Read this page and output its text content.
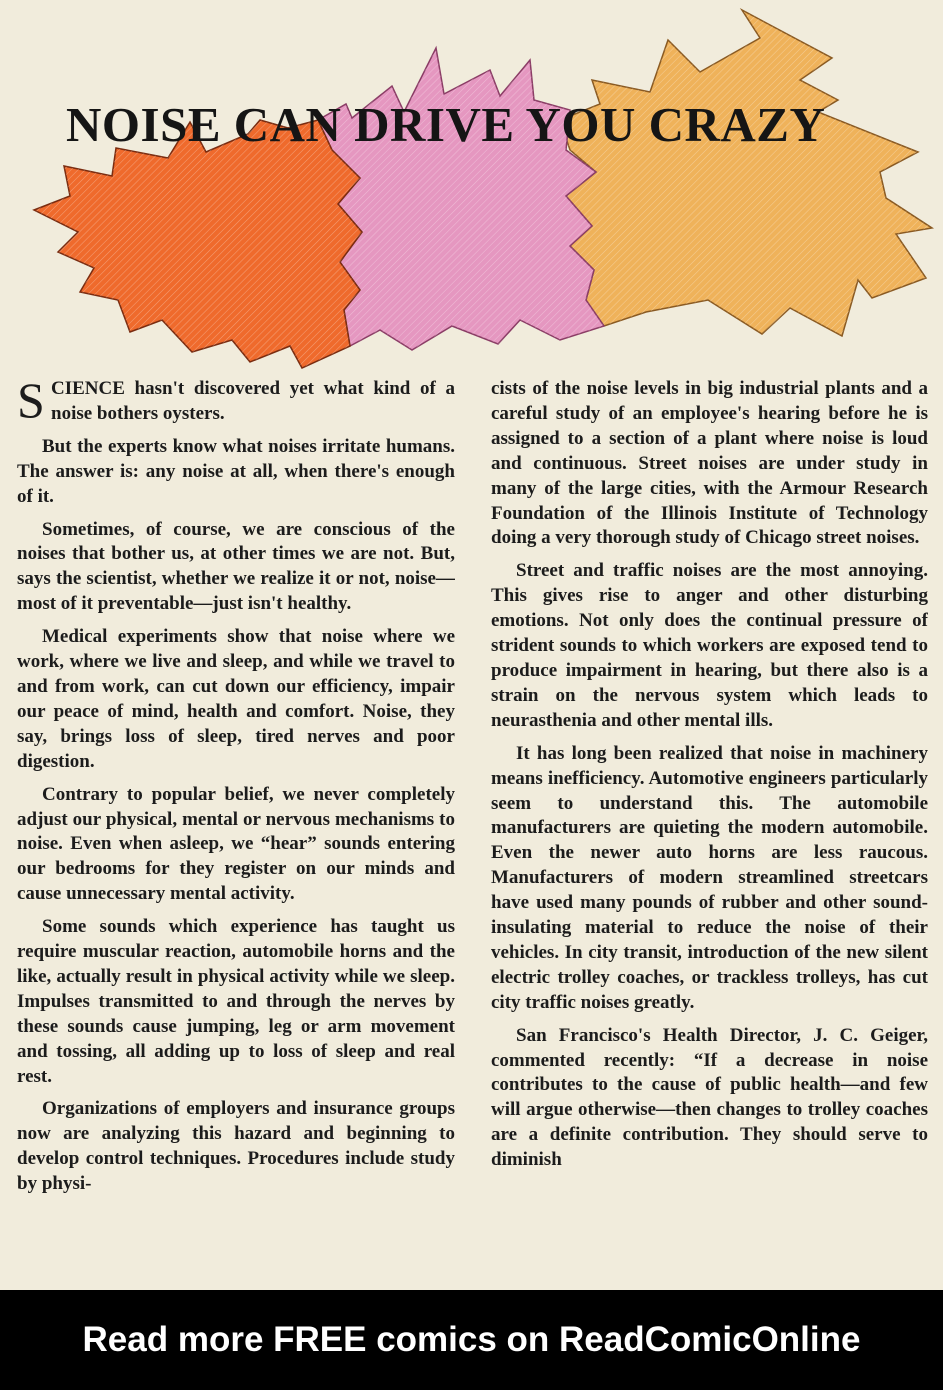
NOISE CAN DRIVE YOU CRAZY

S CIENCE hasn't discovered yet what kind of a noise bothers oysters.

But the experts know what noises irritate humans. The answer is: any noise at all, when there's enough of it.

Sometimes, of course, we are conscious of the noises that bother us, at other times we are not. But, says the scientist, whether we realize it or not, noise—most of it preventable—just isn't healthy.

Medical experiments show that noise where we work, where we live and sleep, and while we travel to and from work, can cut down our efficiency, impair our peace of mind, health and comfort. Noise, they say, brings loss of sleep, tired nerves and poor digestion.

Contrary to popular belief, we never completely adjust our physical, mental or nervous mechanisms to noise. Even when asleep, we “hear” sounds entering our bedrooms for they register on our minds and cause unnecessary mental activity.

Some sounds which experience has taught us require muscular reaction, automobile horns and the like, actually result in physical activity while we sleep. Impulses transmitted to and through the nerves by these sounds cause jumping, leg or arm movement and tossing, all adding up to loss of sleep and real rest.

Organizations of employers and insurance groups now are analyzing this hazard and beginning to develop control techniques. Procedures include study by physi-

cists of the noise levels in big industrial plants and a careful study of an employee's hearing before he is assigned to a section of a plant where noise is loud and continuous. Street noises are under study in many of the large cities, with the Armour Research Foundation of the Illinois Institute of Technology doing a very thorough study of Chicago street noises.

Street and traffic noises are the most annoying. This gives rise to anger and other disturbing emotions. Not only does the continual pressure of strident sounds to which workers are exposed tend to produce impairment in hearing, but there also is a strain on the nervous system which leads to neurasthenia and other mental ills.

It has long been realized that noise in machinery means inefficiency. Automotive engineers particularly seem to understand this. The automobile manufacturers are quieting the modern automobile. Even the newer auto horns are less raucous. Manufacturers of modern streamlined streetcars have used many pounds of rubber and other sound-insulating material to reduce the noise of their vehicles. In city transit, introduction of the new silent electric trolley coaches, or trackless trolleys, has cut city traffic noises greatly.

San Francisco's Health Director, J. C. Geiger, commented recently: “If a decrease in noise contributes to the cause of public health—and few will argue otherwise—then changes to trolley coaches are a definite contribution. They should serve to diminish

Read more FREE comics on ReadComicOnline
